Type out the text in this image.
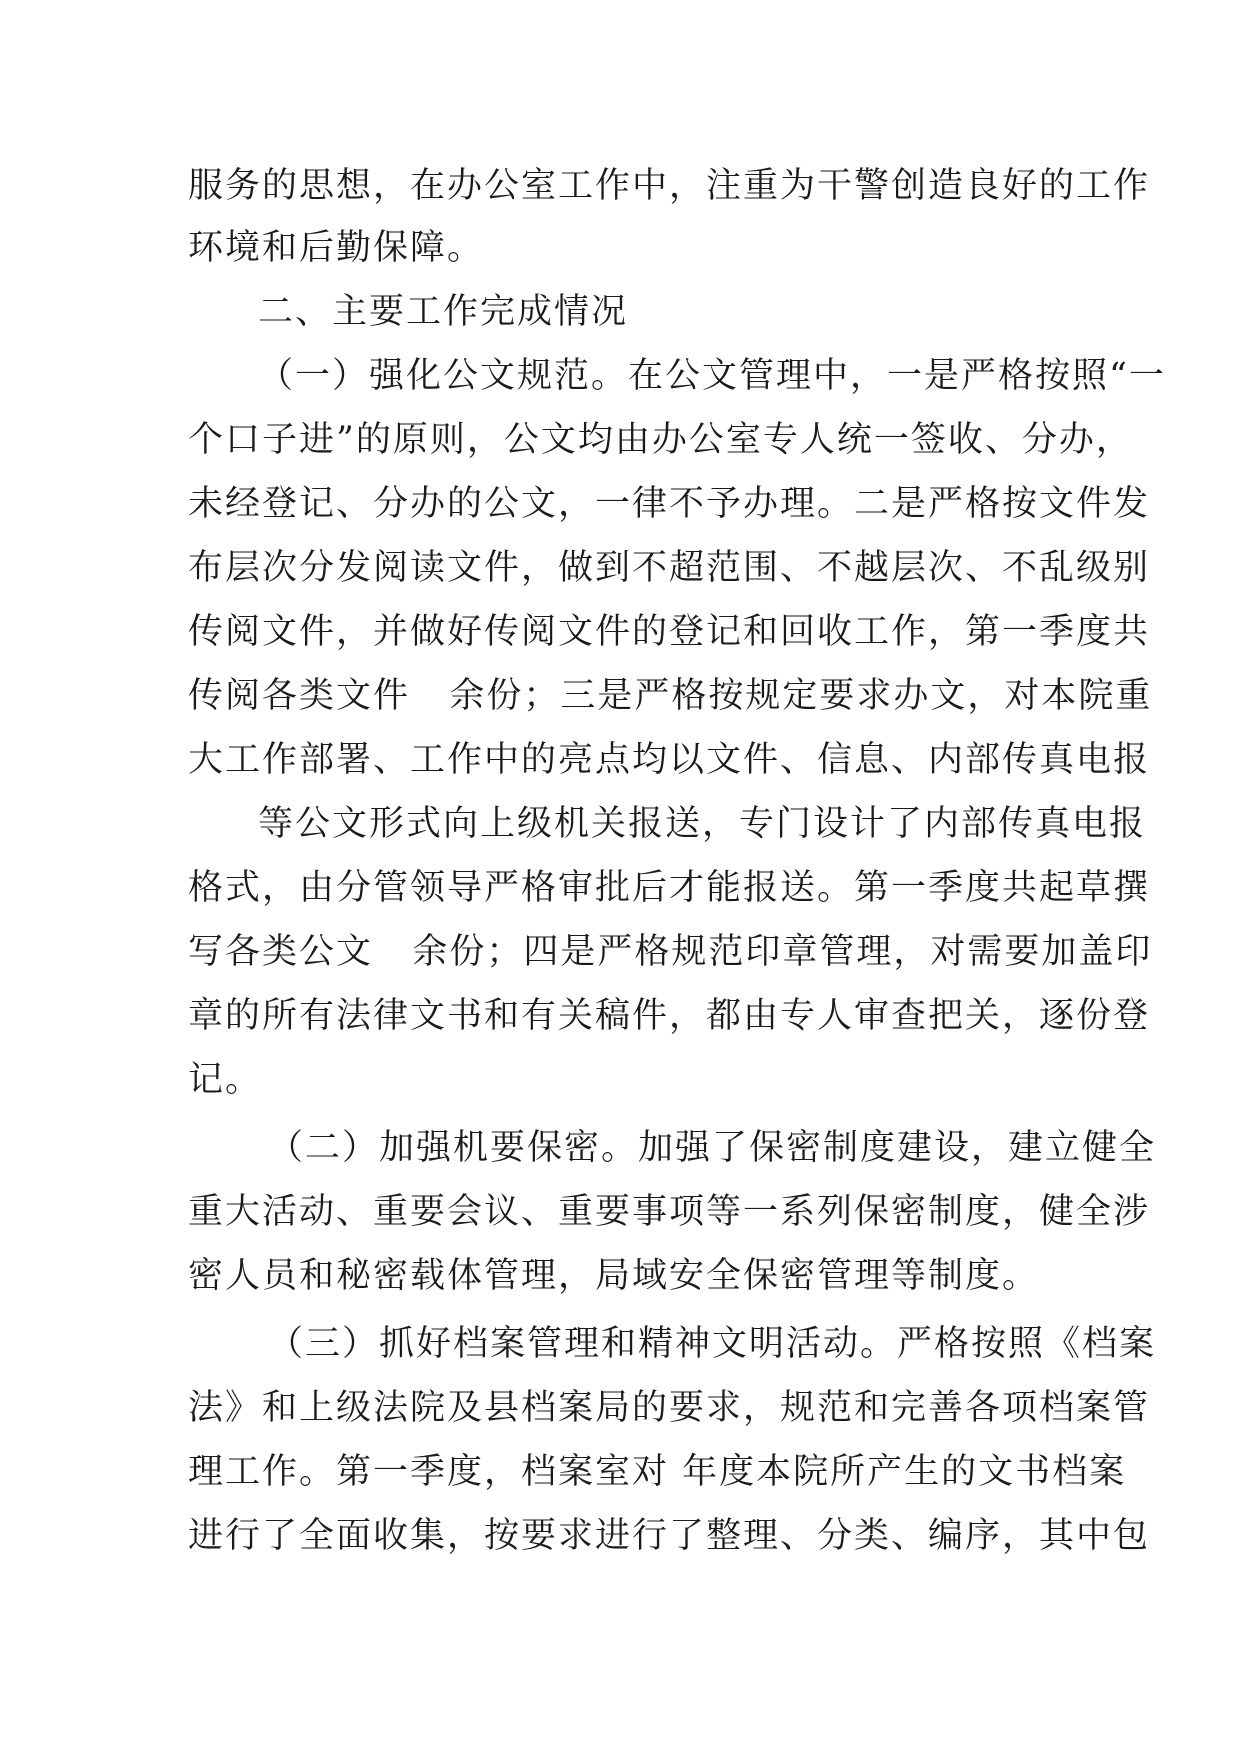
服务的思想，在办公室工作中，注重为干警创造良好的工作

环境和后勤保障。

二、主要工作完成情况

（一）强化公文规范。在公文管理中，一是严格按照“一

个口子进”的原则，公文均由办公室专人统一签收、分办，

未经登记、分办的公文，一律不予办理。二是严格按文件发

布层次分发阅读文件，做到不超范围、不越层次、不乱级别

传阅文件，并做好传阅文件的登记和回收工作，第一季度共

传阅各类文件   余份；三是严格按规定要求办文，对本院重

大工作部署、工作中的亮点均以文件、信息、内部传真电报

等公文形式向上级机关报送，专门设计了内部传真电报

格式，由分管领导严格审批后才能报送。第一季度共起草撰

写各类公文   余份；四是严格规范印章管理，对需要加盖印

章的所有法律文书和有关稿件，都由专人审查把关，逐份登

记。

（二）加强机要保密。加强了保密制度建设，建立健全

重大活动、重要会议、重要事项等一系列保密制度，健全涉

密人员和秘密载体管理，局域安全保密管理等制度。

（三）抓好档案管理和精神文明活动。严格按照《档案

法》和上级法院及县档案局的要求，规范和完善各项档案管

理工作。第一季度，档案室对 年度本院所产生的文书档案

进行了全面收集，按要求进行了整理、分类、编序，其中包
